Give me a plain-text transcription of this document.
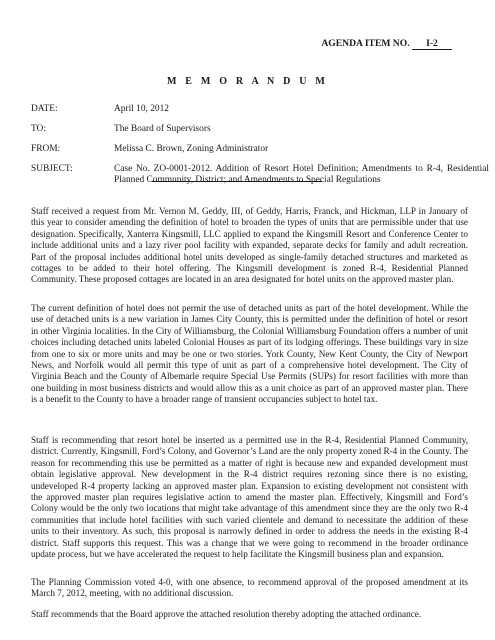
AGENDA ITEM NO. I-2
M E M O R A N D U M
DATE:	April 10, 2012
TO:	The Board of Supervisors
FROM:	Melissa C. Brown, Zoning Administrator
SUBJECT:	Case No. ZO-0001-2012. Addition of Resort Hotel Definition; Amendments to R-4, Residential Planned Community, District; and Amendments to Special Regulations

Staff received a request from Mr. Vernon M. Geddy, III, of Geddy, Harris, Franck, and Hickman, LLP in January of this year to consider amending the definition of hotel to broaden the types of units that are permissible under that use designation. Specifically, Xanterra Kingsmill, LLC applied to expand the Kingsmill Resort and Conference Center to include additional units and a lazy river pool facility with expanded, separate decks for family and adult recreation. Part of the proposal includes additional hotel units developed as single-family detached structures and marketed as cottages to be added to their hotel offering. The Kingsmill development is zoned R-4, Residential Planned Community. These proposed cottages are located in an area designated for hotel units on the approved master plan.

The current definition of hotel does not permit the use of detached units as part of the hotel development. While the use of detached units is a new variation in James City County, this is permitted under the definition of hotel or resort in other Virginia localities. In the City of Williamsburg, the Colonial Williamsburg Foundation offers a number of unit choices including detached units labeled Colonial Houses as part of its lodging offerings. These buildings vary in size from one to six or more units and may be one or two stories. York County, New Kent County, the City of Newport News, and Norfolk would all permit this type of unit as part of a comprehensive hotel development. The City of Virginia Beach and the County of Albemarle require Special Use Permits (SUPs) for resort facilities with more than one building in most business districts and would allow this as a unit choice as part of an approved master plan. There is a benefit to the County to have a broader range of transient occupancies subject to hotel tax.

Staff is recommending that resort hotel be inserted as a permitted use in the R-4, Residential Planned Community, district. Currently, Kingsmill, Ford’s Colony, and Governor’s Land are the only property zoned R-4 in the County. The reason for recommending this use be permitted as a matter of right is because new and expanded development must obtain legislative approval. New development in the R-4 district requires rezoning since there is no existing, undeveloped R-4 property lacking an approved master plan. Expansion to existing development not consistent with the approved master plan requires legislative action to amend the master plan. Effectively, Kingsmill and Ford’s Colony would be the only two locations that might take advantage of this amendment since they are the only two R-4 communities that include hotel facilities with such varied clientele and demand to necessitate the addition of these units to their inventory. As such, this proposal is narrowly defined in order to address the needs in the existing R-4 district. Staff supports this request. This was a change that we were going to recommend in the broader ordinance update process, but we have accelerated the request to help facilitate the Kingsmill business plan and expansion.

The Planning Commission voted 4-0, with one absence, to recommend approval of the proposed amendment at its March 7, 2012, meeting, with no additional discussion.

Staff recommends that the Board approve the attached resolution thereby adopting the attached ordinance.
